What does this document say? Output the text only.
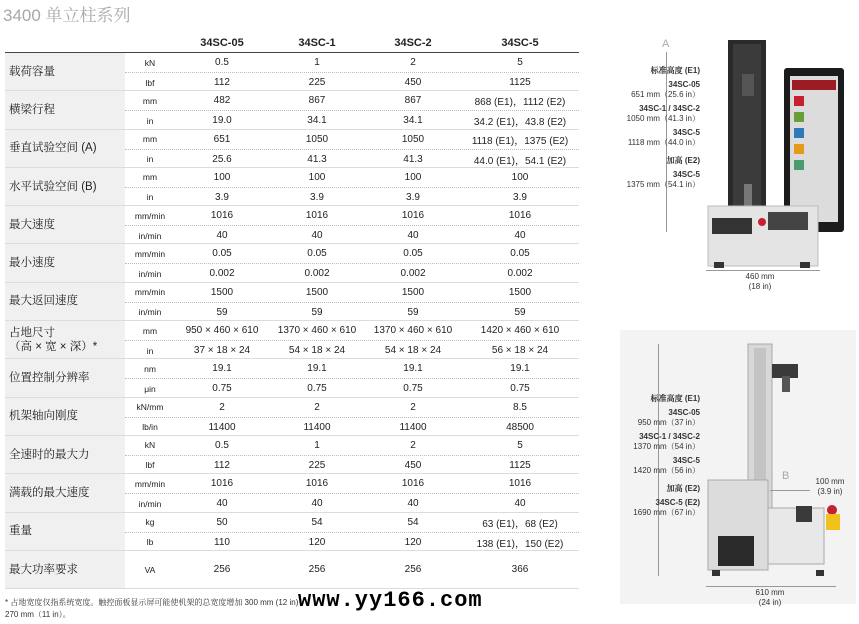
3400 单立柱系列
34SC-05	34SC-1	34SC-2	34SC-5
载荷容量
kN	0.5	1	2	5
lbf	112	225	450	1125
横梁行程
mm	482	867	867	868 (E1)，1112 (E2)
in	19.0	34.1	34.1	34.2 (E1)，43.8 (E2)
垂直试验空间 (A)
mm	651	1050	1050	1118 (E1)，1375 (E2)
in	25.6	41.3	41.3	44.0 (E1)，54.1 (E2)
水平试验空间 (B)
mm	100	100	100	100
in	3.9	3.9	3.9	3.9
最大速度
mm/min	1016	1016	1016	1016
in/min	40	40	40	40
最小速度
mm/min	0.05	0.05	0.05	0.05
in/min	0.002	0.002	0.002	0.002
最大返回速度
mm/min	1500	1500	1500	1500
in/min	59	59	59	59
占地尺寸
（高 × 宽 × 深）*
mm	950 × 460 × 610	1370 × 460 × 610	1370 × 460 × 610	1420 × 460 × 610
in	37 × 18 × 24	54 × 18 × 24	54 × 18 × 24	56 × 18 × 24
位置控制分辨率
nm	19.1	19.1	19.1	19.1
μin	0.75	0.75	0.75	0.75
机架轴向刚度
kN/mm	2	2	2	8.5
lb/in	11400	11400	11400	48500
全速时的最大力
kN	0.5	1	2	5
lbf	112	225	450	1125
满载的最大速度
mm/min	1016	1016	1016	1016
in/min	40	40	40	40
重量
kg	50	54	54	63 (E1)，68 (E2)
lb	110	120	120	138 (E1)，150 (E2)
最大功率要求	VA	256	256	256	366
www.yy166.com
* 占地宽度仅指系统宽度。触控面板显示屏可能使机架的总宽度增加 300 mm (12 in)
270 mm（11 in）。
A
460 mm
(18 in)
标准高度 (E1)
34SC-05
651 mm（25.6 in）
34SC-1 / 34SC-2
1050 mm（41.3 in）
34SC-5
1118 mm（44.0 in）
加高 (E2)
34SC-5
1375 mm（54.1 in）
B
610 mm
(24 in)
100 mm
(3.9 in)
标准高度 (E1)
34SC-05
950 mm（37 in）
34SC-1 / 34SC-2
1370 mm（54 in）
34SC-5
1420 mm（56 in）
加高 (E2)
34SC-5 (E2)
1690 mm（67 in）
